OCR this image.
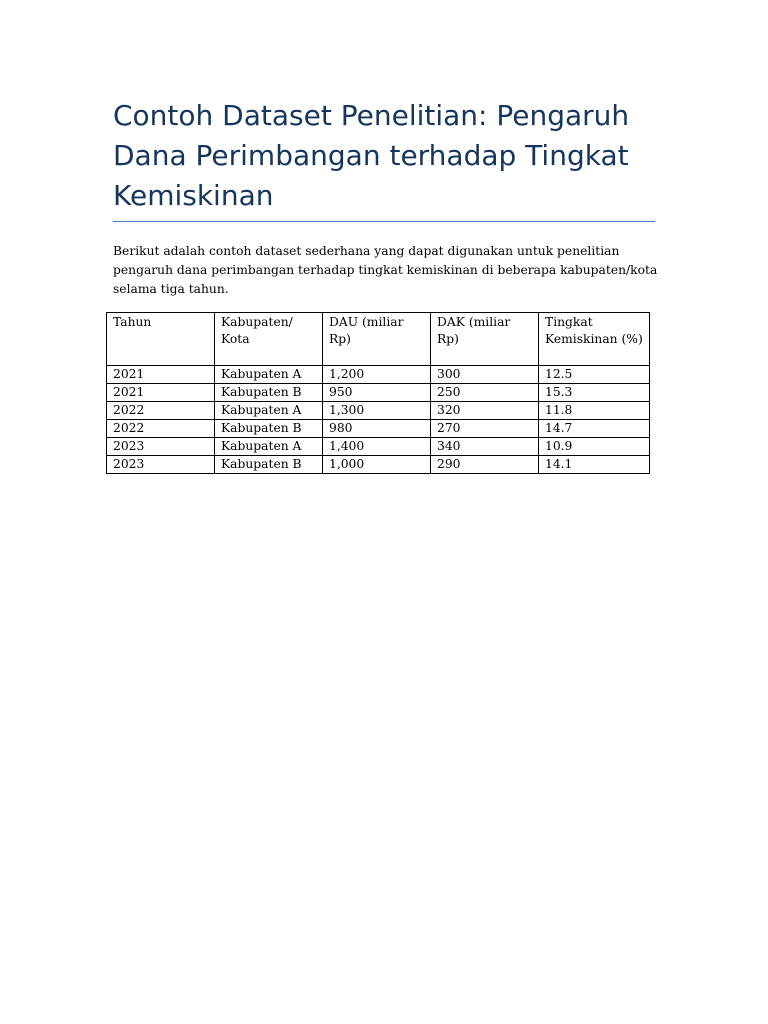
Contoh Dataset Penelitian: Pengaruh Dana Perimbangan terhadap Tingkat Kemiskinan

Berikut adalah contoh dataset sederhana yang dapat digunakan untuk penelitian pengaruh dana perimbangan terhadap tingkat kemiskinan di beberapa kabupaten/kota selama tiga tahun.

Tahun	Kabupaten/ Kota	DAU (miliar Rp)	DAK (miliar Rp)	Tingkat Kemiskinan (%)
2021	Kabupaten A	1,200	300	12.5
2021	Kabupaten B	950	250	15.3
2022	Kabupaten A	1,300	320	11.8
2022	Kabupaten B	980	270	14.7
2023	Kabupaten A	1,400	340	10.9
2023	Kabupaten B	1,000	290	14.1
